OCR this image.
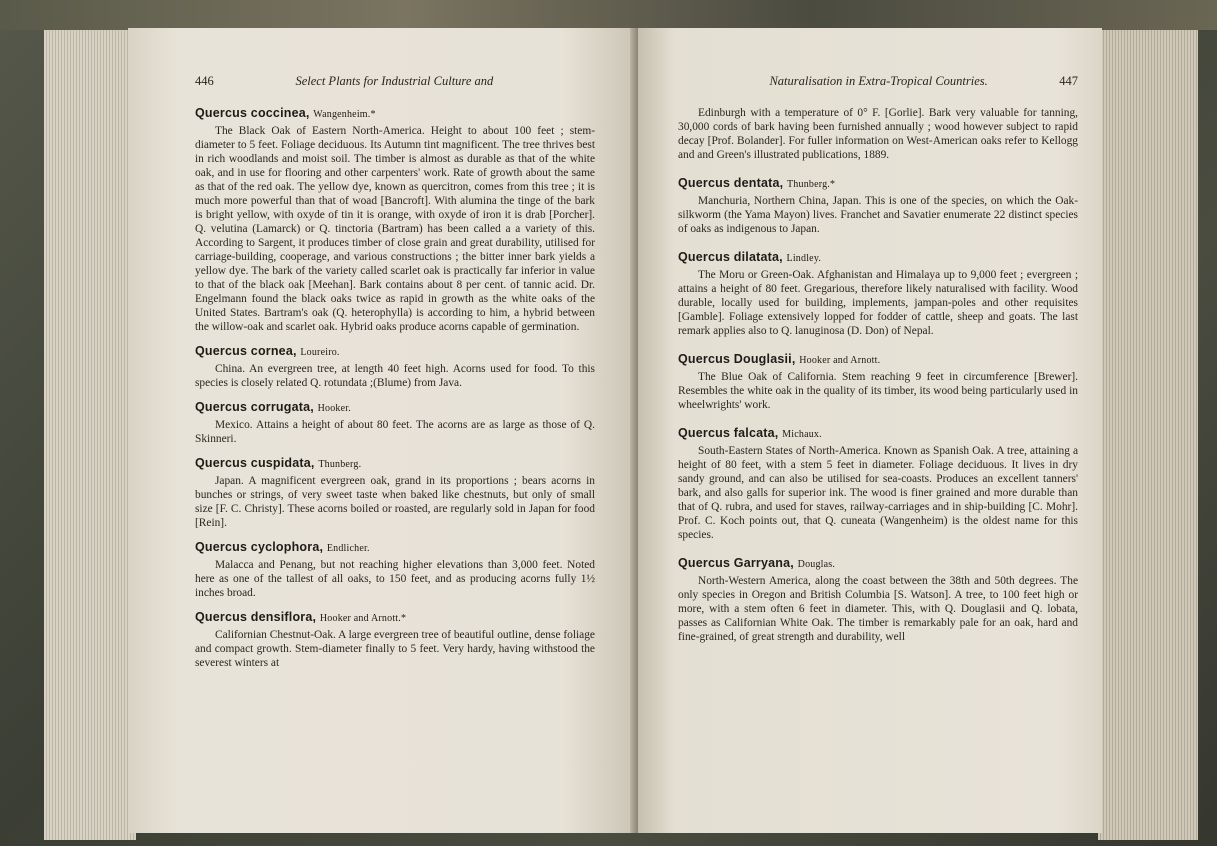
446	Select Plants for Industrial Culture and
Quercus coccinea, Wangenheim.*

The Black Oak of Eastern North-America. Height to about 100 feet ; stem-diameter to 5 feet. Foliage deciduous. Its Autumn tint magnificent. The tree thrives best in rich woodlands and moist soil. The timber is almost as durable as that of the white oak, and in use for flooring and other carpenters' work. Rate of growth about the same as that of the red oak. The yellow dye, known as quercitron, comes from this tree ; it is much more powerful than that of woad [Bancroft]. With alumina the tinge of the bark is bright yellow, with oxyde of tin it is orange, with oxyde of iron it is drab [Porcher]. Q. velutina (Lamarck) or Q. tinctoria (Bartram) has been called a a variety of this. According to Sargent, it produces timber of close grain and great durability, utilised for carriage-building, cooperage, and various constructions ; the bitter inner bark yields a yellow dye. The bark of the variety called scarlet oak is practically far inferior in value to that of the black oak [Meehan]. Bark contains about 8 per cent. of tannic acid. Dr. Engelmann found the black oaks twice as rapid in growth as the white oaks of the United States. Bartram's oak (Q. heterophylla) is according to him, a hybrid between the willow-oak and scarlet oak. Hybrid oaks produce acorns capable of germination.

Quercus cornea, Loureiro.

China. An evergreen tree, at length 40 feet high. Acorns used for food. To this species is closely related Q. rotundata ;(Blume) from Java.

Quercus corrugata, Hooker.

Mexico. Attains a height of about 80 feet. The acorns are as large as those of Q. Skinneri.

Quercus cuspidata, Thunberg.

Japan. A magnificent evergreen oak, grand in its proportions ; bears acorns in bunches or strings, of very sweet taste when baked like chestnuts, but only of small size [F. C. Christy]. These acorns boiled or roasted, are regularly sold in Japan for food [Rein].

Quercus cyclophora, Endlicher.

Malacca and Penang, but not reaching higher elevations than 3,000 feet. Noted here as one of the tallest of all oaks, to 150 feet, and as producing acorns fully 1½ inches broad.

Quercus densiflora, Hooker and Arnott.*

Californian Chestnut-Oak. A large evergreen tree of beautiful outline, dense foliage and compact growth. Stem-diameter finally to 5 feet. Very hardy, having withstood the severest winters at

Naturalisation in Extra-Tropical Countries.	447

Edinburgh with a temperature of 0° F. [Gorlie]. Bark very valuable for tanning, 30,000 cords of bark having been furnished annually ; wood however subject to rapid decay [Prof. Bolander]. For fuller information on West-American oaks refer to Kellogg and and Green's illustrated publications, 1889.

Quercus dentata, Thunberg.*

Manchuria, Northern China, Japan. This is one of the species, on which the Oak-silkworm (the Yama Mayon) lives. Franchet and Savatier enumerate 22 distinct species of oaks as indigenous to Japan.

Quercus dilatata, Lindley.

The Moru or Green-Oak. Afghanistan and Himalaya up to 9,000 feet ; evergreen ; attains a height of 80 feet. Gregarious, therefore likely naturalised with facility. Wood durable, locally used for building, implements, jampan-poles and other requisites [Gamble]. Foliage extensively lopped for fodder of cattle, sheep and goats. The last remark applies also to Q. lanuginosa (D. Don) of Nepal.

Quercus Douglasii, Hooker and Arnott.

The Blue Oak of California. Stem reaching 9 feet in circumference [Brewer]. Resembles the white oak in the quality of its timber, its wood being particularly used in wheelwrights' work.

Quercus falcata, Michaux.

South-Eastern States of North-America. Known as Spanish Oak. A tree, attaining a height of 80 feet, with a stem 5 feet in diameter. Foliage deciduous. It lives in dry sandy ground, and can also be utilised for sea-coasts. Produces an excellent tanners' bark, and also galls for superior ink. The wood is finer grained and more durable than that of Q. rubra, and used for staves, railway-carriages and in ship-building [C. Mohr]. Prof. C. Koch points out, that Q. cuneata (Wangenheim) is the oldest name for this species.

Quercus Garryana, Douglas.

North-Western America, along the coast between the 38th and 50th degrees. The only species in Oregon and British Columbia [S. Watson]. A tree, to 100 feet high or more, with a stem often 6 feet in diameter. This, with Q. Douglasii and Q. lobata, passes as Californian White Oak. The timber is remarkably pale for an oak, hard and fine-grained, of great strength and durability, well
